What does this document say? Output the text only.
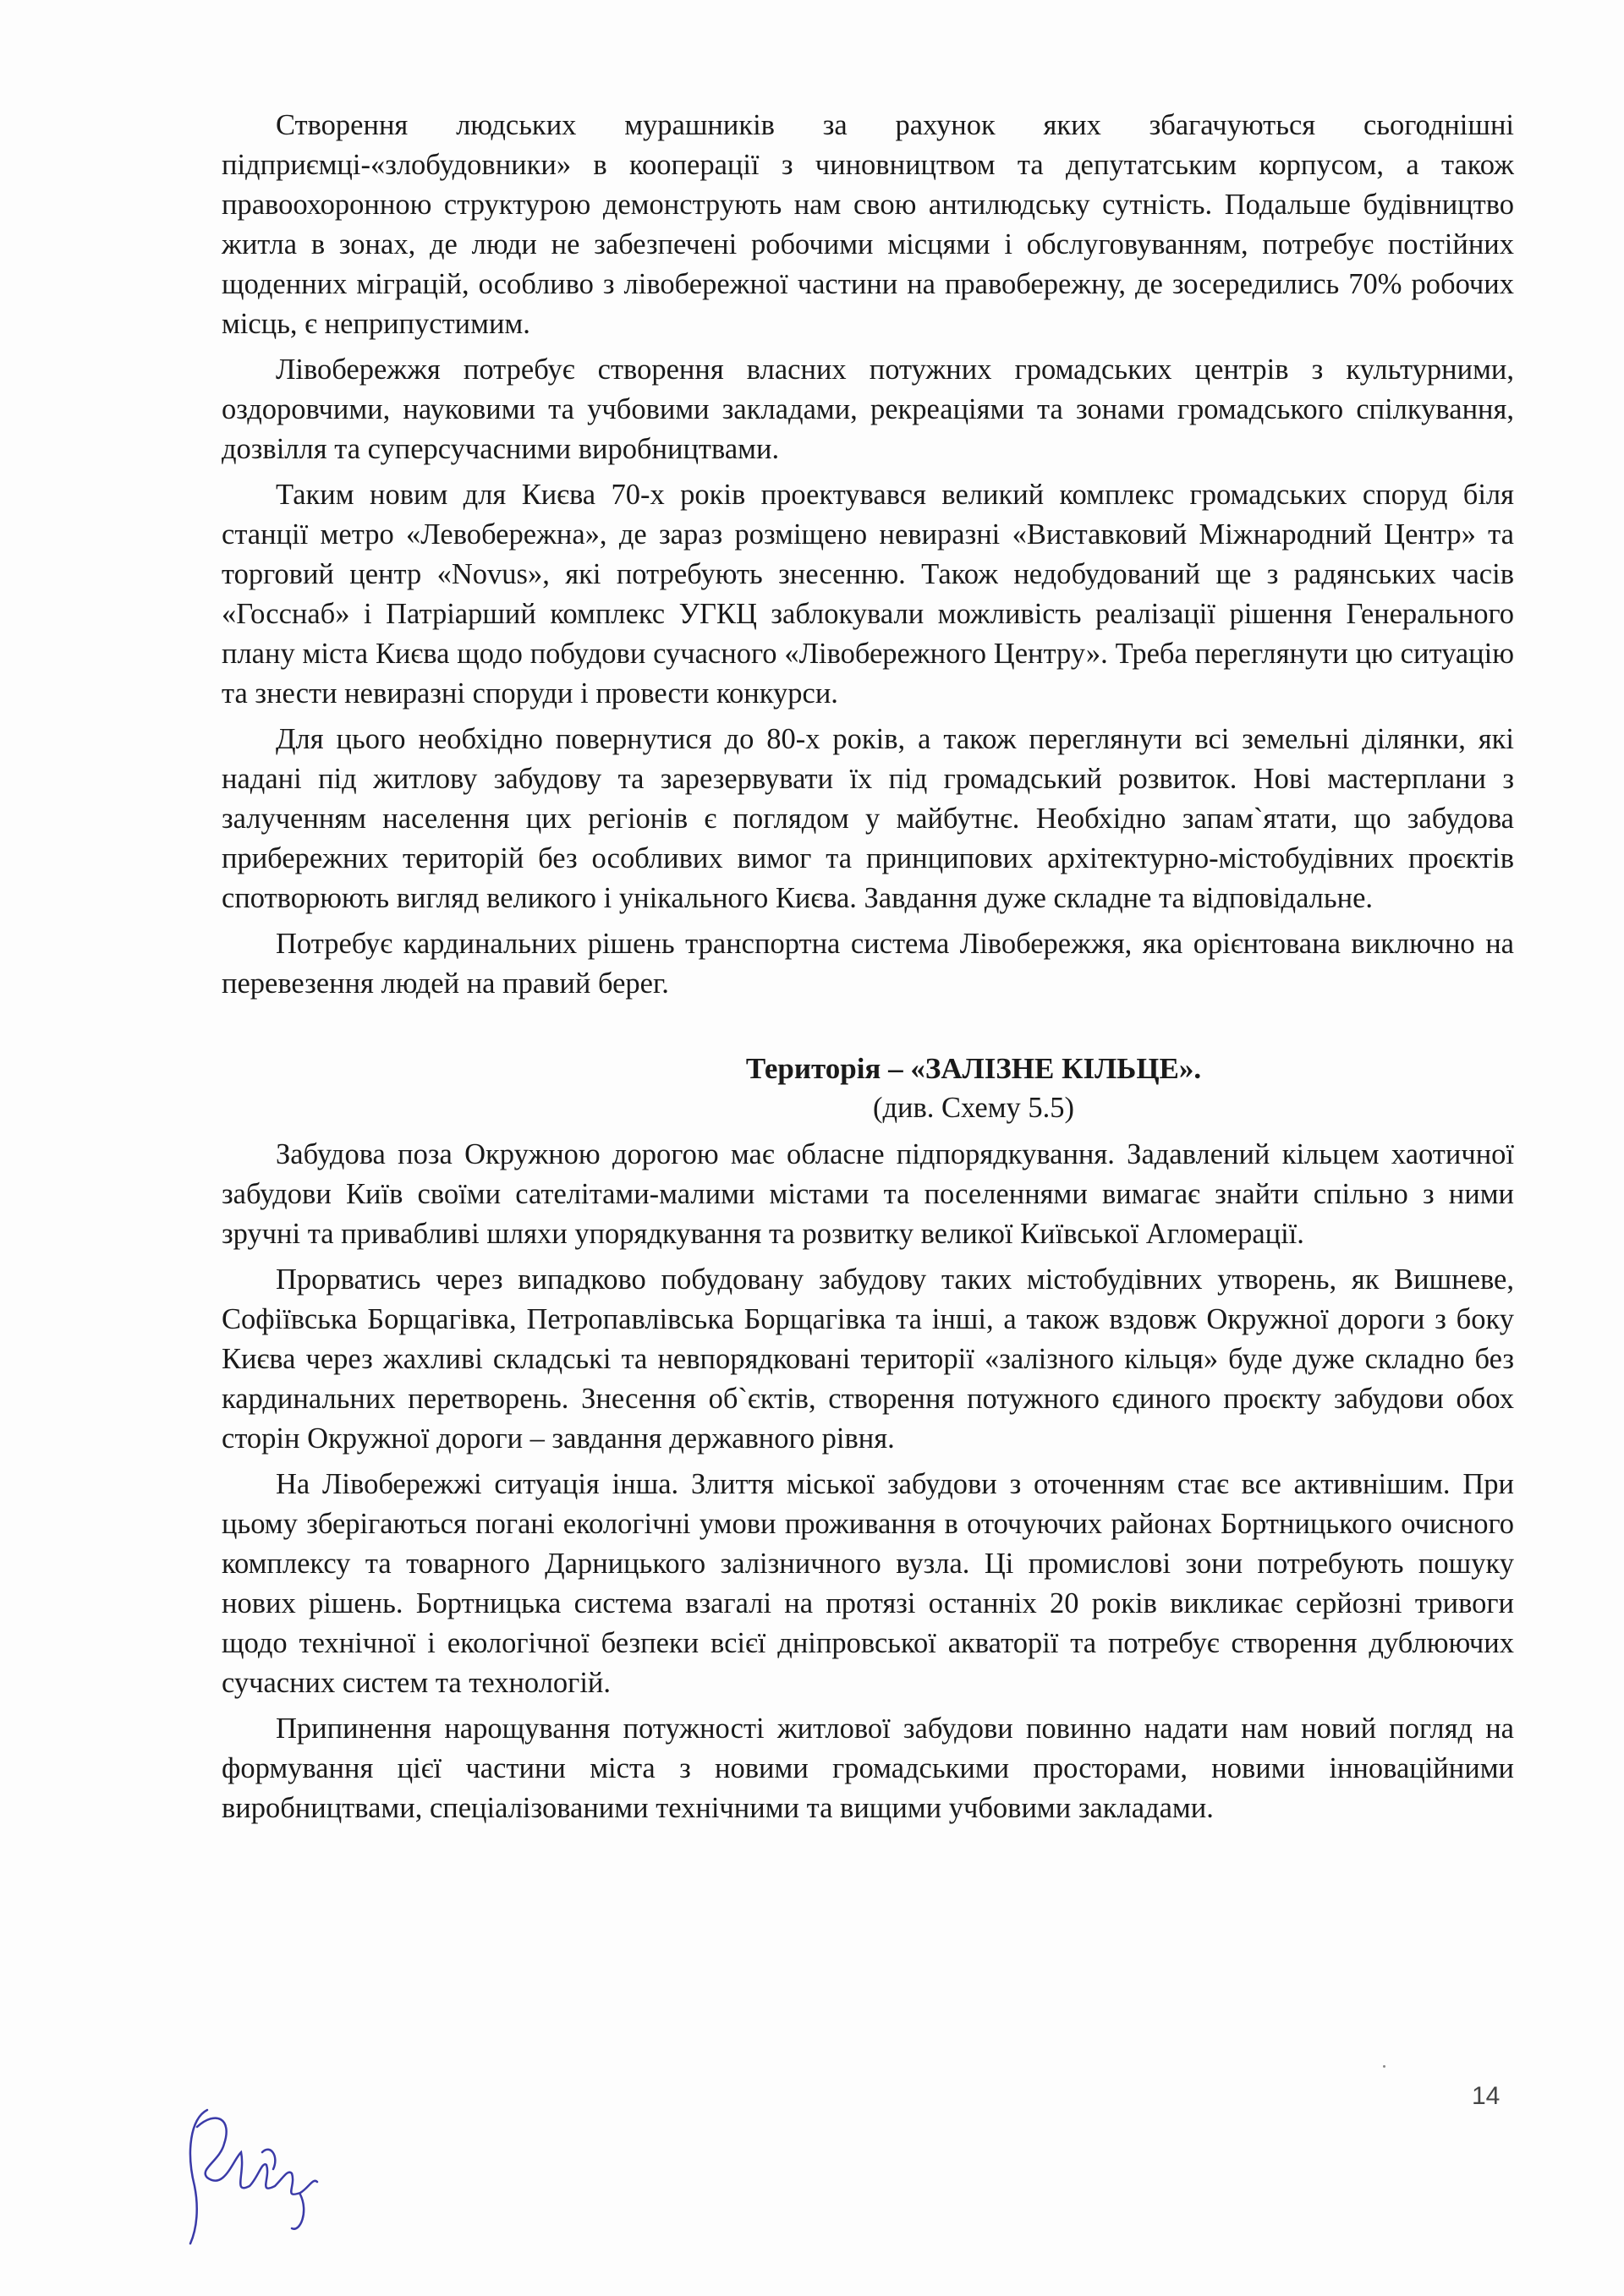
Створення людських мурашників за рахунок яких збагачуються сьогоднішні підприємці-«злобудовники» в кооперації з чиновництвом та депутатським корпусом, а також правоохоронною структурою демонструють нам свою антилюдську сутність. Подальше будівництво житла в зонах, де люди не забезпечені робочими місцями і обслуговуванням, потребує постійних щоденних міграцій, особливо з лівобережної частини на правобережну, де зосередились 70% робочих місць, є неприпустимим.

Лівобережжя потребує створення власних потужних громадських центрів з культурними, оздоровчими, науковими та учбовими закладами, рекреаціями та зонами громадського спілкування, дозвілля та суперсучасними виробництвами.

Таким новим для Києва 70-х років проектувався великий комплекс громадських споруд біля станції метро «Левобережна», де зараз розміщено невиразні «Виставковий Міжнародний Центр» та торговий центр «Novus», які потребують знесенню. Також недобудований ще з радянських часів «Госснаб» і Патріарший комплекс УГКЦ заблокували можливість реалізації рішення Генерального плану міста Києва щодо побудови сучасного «Лівобережного Центру». Треба переглянути цю ситуацію та знести невиразні споруди і провести конкурси.

Для цього необхідно повернутися до 80-х років, а також переглянути всі земельні ділянки, які надані під житлову забудову та зарезервувати їх під громадський розвиток. Нові мастерплани з залученням населення цих регіонів є поглядом у майбутнє. Необхідно запам`ятати, що забудова прибережних територій без особливих вимог та принципових архітектурно-містобудівних проєктів спотворюють вигляд великого і унікального Києва. Завдання дуже складне та відповідальне.

Потребує кардинальних рішень транспортна система Лівобережжя, яка орієнтована виключно на перевезення людей на правий берег.

Територія – «ЗАЛІЗНЕ КІЛЬЦЕ».
(див. Схему 5.5)

Забудова поза Окружною дорогою має обласне підпорядкування. Задавлений кільцем хаотичної забудови Київ своїми сателітами-малими містами та поселеннями вимагає знайти спільно з ними зручні та привабливі шляхи упорядкування та розвитку великої Київської Агломерації.

Прорватись через випадково побудовану забудову таких містобудівних утворень, як Вишневе, Софіївська Борщагівка, Петропавлівська Борщагівка та інші, а також вздовж Окружної дороги з боку Києва через жахливі складські та невпорядковані території «залізного кільця» буде дуже складно без кардинальних перетворень. Знесення об`єктів, створення потужного єдиного проєкту забудови обох сторін Окружної дороги – завдання державного рівня.

На Лівобережжі ситуація інша. Злиття міської забудови з оточенням стає все активнішим. При цьому зберігаються погані екологічні умови проживання в оточуючих районах Бортницького очисного комплексу та товарного Дарницького залізничного вузла. Ці промислові зони потребують пошуку нових рішень. Бортницька система взагалі на протязі останніх 20 років викликає серйозні тривоги щодо технічної і екологічної безпеки всієї дніпровської акваторії та потребує створення дублюючих сучасних систем та технологій.

Припинення нарощування потужності житлової забудови повинно надати нам новий погляд на формування цієї частини міста з новими громадськими просторами, новими інноваційними виробництвами, спеціалізованими технічними та вищими учбовими закладами.

14
